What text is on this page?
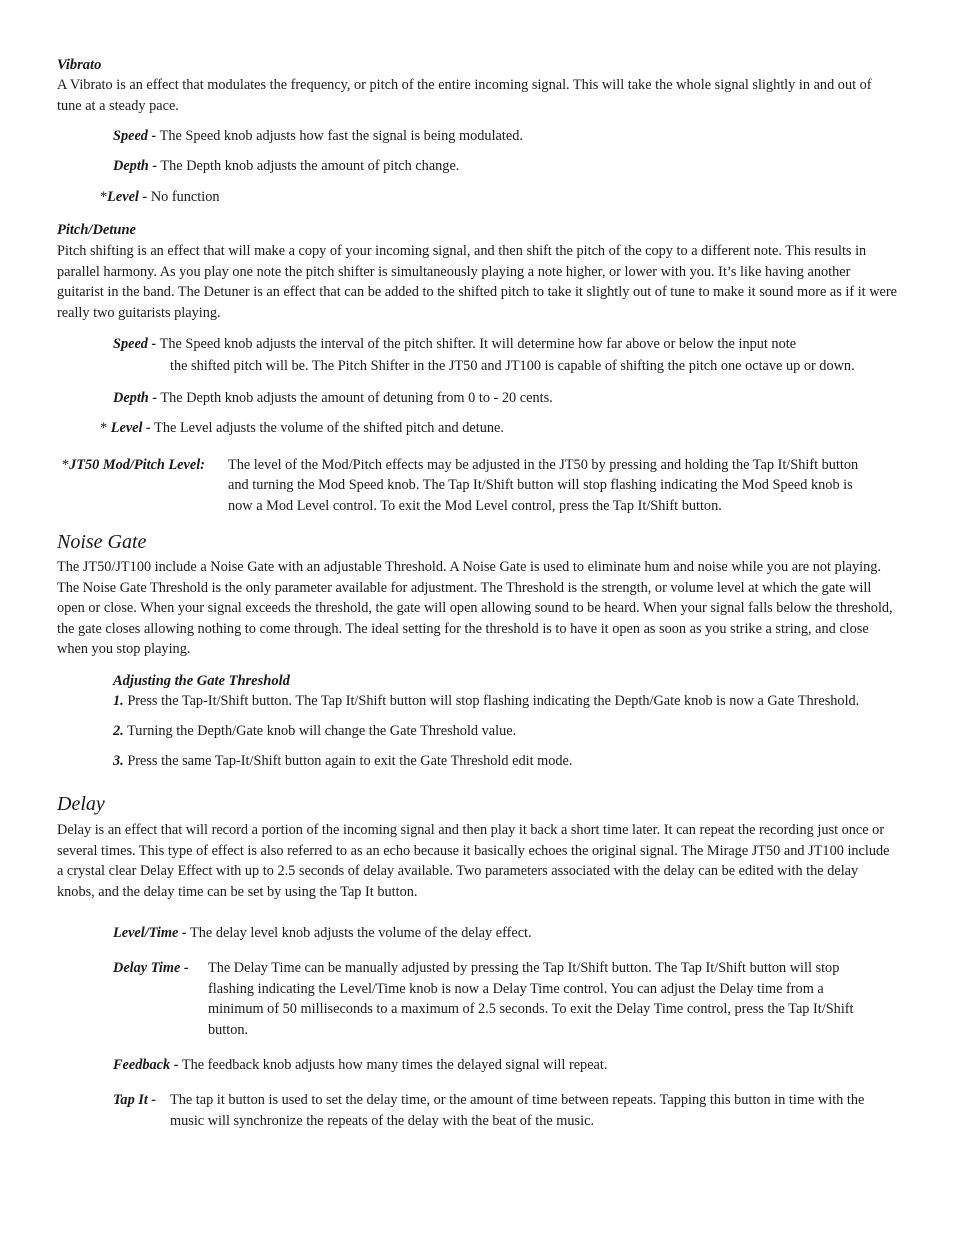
Vibrato

A Vibrato is an effect that modulates the frequency, or pitch of the entire incoming signal. This will take the whole signal slightly in and out of tune at a steady pace.

Speed - The Speed knob adjusts how fast the signal is being modulated.
Depth - The Depth knob adjusts the amount of pitch change.
*Level - No function
Pitch/Detune

Pitch shifting is an effect that will make a copy of your incoming signal, and then shift the pitch of the copy to a different note. This results in parallel harmony. As you play one note the pitch shifter is simultaneously playing a note higher, or lower with you. It’s like having another guitarist in the band. The Detuner is an effect that can be added to the shifted pitch to take it slightly out of tune to make it sound more as if it were really two guitarists playing.

Speed - The Speed knob adjusts the interval of the pitch shifter. It will determine how far above or below the input note
the shifted pitch will be. The Pitch Shifter in the JT50 and JT100 is capable of shifting the pitch one octave up or down.
Depth - The Depth knob adjusts the amount of detuning from 0 to - 20 cents.
* Level - The Level adjusts the volume of the shifted pitch and detune.
*JT50 Mod/Pitch Level: The level of the Mod/Pitch effects may be adjusted in the JT50 by pressing and holding the Tap It/Shift button
and turning the Mod Speed knob. The Tap It/Shift button will stop flashing indicating the Mod Speed knob is
now a Mod Level control. To exit the Mod Level control, press the Tap It/Shift button.
Noise Gate

The JT50/JT100 include a Noise Gate with an adjustable Threshold. A Noise Gate is used to eliminate hum and noise while you are not playing. The Noise Gate Threshold is the only parameter available for adjustment. The Threshold is the strength, or volume level at which the gate will open or close. When your signal exceeds the threshold, the gate will open allowing sound to be heard. When your signal falls below the threshold, the gate closes allowing nothing to come through. The ideal setting for the threshold is to have it open as soon as you strike a string, and close when you stop playing.

Adjusting the Gate Threshold
1. Press the Tap-It/Shift button. The Tap It/Shift button will stop flashing indicating the Depth/Gate knob is now a Gate Threshold.
2. Turning the Depth/Gate knob will change the Gate Threshold value.
3. Press the same Tap-It/Shift button again to exit the Gate Threshold edit mode.
Delay

Delay is an effect that will record a portion of the incoming signal and then play it back a short time later. It can repeat the recording just once or several times. This type of effect is also referred to as an echo because it basically echoes the original signal. The Mirage JT50 and JT100 include a crystal clear Delay Effect with up to 2.5 seconds of delay available. Two parameters associated with the delay can be edited with the delay knobs, and the delay time can be set by using the Tap It button.

Level/Time - The delay level knob adjusts the volume of the delay effect.
Delay Time - The Delay Time can be manually adjusted by pressing the Tap It/Shift button. The Tap It/Shift button will stop
flashing indicating the Level/Time knob is now a Delay Time control. You can adjust the Delay time from a
minimum of 50 milliseconds to a maximum of 2.5 seconds. To exit the Delay Time control, press the Tap It/Shift
button.
Feedback - The feedback knob adjusts how many times the delayed signal will repeat.
Tap It - The tap it button is used to set the delay time, or the amount of time between repeats. Tapping this button in time with the
music will synchronize the repeats of the delay with the beat of the music.
